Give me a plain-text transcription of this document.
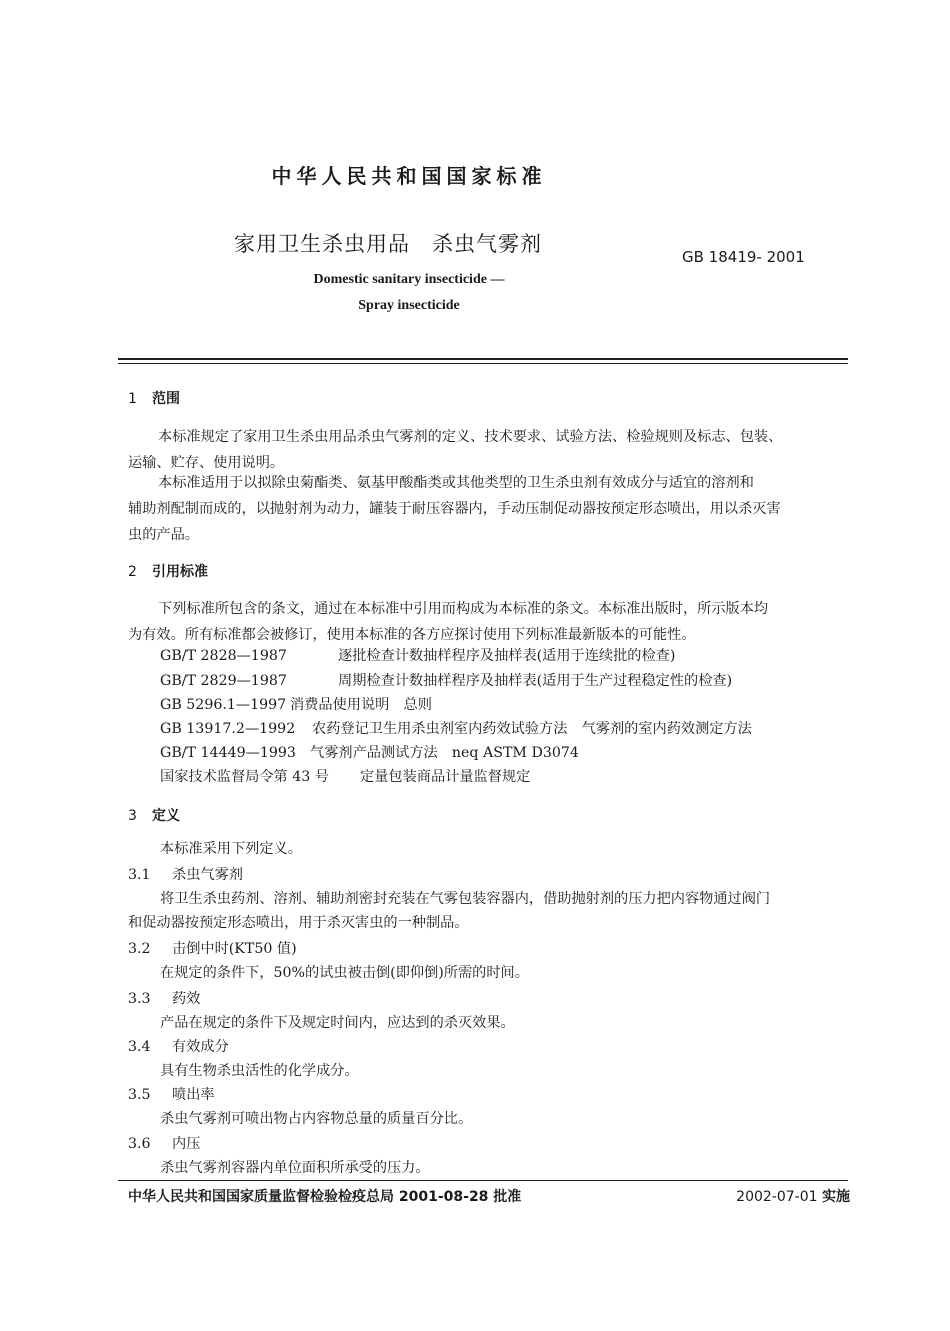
中华人民共和国国家标准
家用卫生杀虫用品　杀虫气雾剂
GB 18419- 2001
Domestic sanitary insecticide —
Spray insecticide
1 范围
本标准规定了家用卫生杀虫用品杀虫气雾剂的定义、技术要求、试验方法、检验规则及标志、包装、
运输、贮存、使用说明。
本标准适用于以拟除虫菊酯类、氨基甲酸酯类或其他类型的卫生杀虫剂有效成分与适宜的溶剂和
辅助剂配制而成的，以抛射剂为动力，罐装于耐压容器内，手动压制促动器按预定形态喷出，用以杀灭害
虫的产品。
2 引用标准
下列标准所包含的条文，通过在本标准中引用而构成为本标准的条文。本标准出版时，所示版本均
为有效。所有标准都会被修订，使用本标准的各方应探讨使用下列标准最新版本的可能性。
GB/T 2828—1987	逐批检查计数抽样程序及抽样表(适用于连续批的检查)
GB/T 2829—1987	周期检查计数抽样程序及抽样表(适用于生产过程稳定性的检查)
GB 5296.1—1997 消费品使用说明　总则
GB 13917.2—1992 农药登记卫生用杀虫剂室内药效试验方法　气雾剂的室内药效测定方法
GB/T 14449—1993 气雾剂产品测试方法　neq ASTM D3074
国家技术监督局令第 43 号 定量包装商品计量监督规定
3 定义
本标准采用下列定义。
3.1 杀虫气雾剂
将卫生杀虫药剂、溶剂、辅助剂密封充装在气雾包装容器内，借助抛射剂的压力把内容物通过阀门
和促动器按预定形态喷出，用于杀灭害虫的一种制品。
3.2 击倒中时(KT50 值)
在规定的条件下，50%的试虫被击倒(即仰倒)所需的时间。
3.3 药效
产品在规定的条件下及规定时间内，应达到的杀灭效果。
3.4 有效成分
具有生物杀虫活性的化学成分。
3.5 喷出率
杀虫气雾剂可喷出物占内容物总量的质量百分比。
3.6 内压
杀虫气雾剂容器内单位面积所承受的压力。
中华人民共和国国家质量监督检验检疫总局 2001-08-28 批准	2002-07-01 实施
